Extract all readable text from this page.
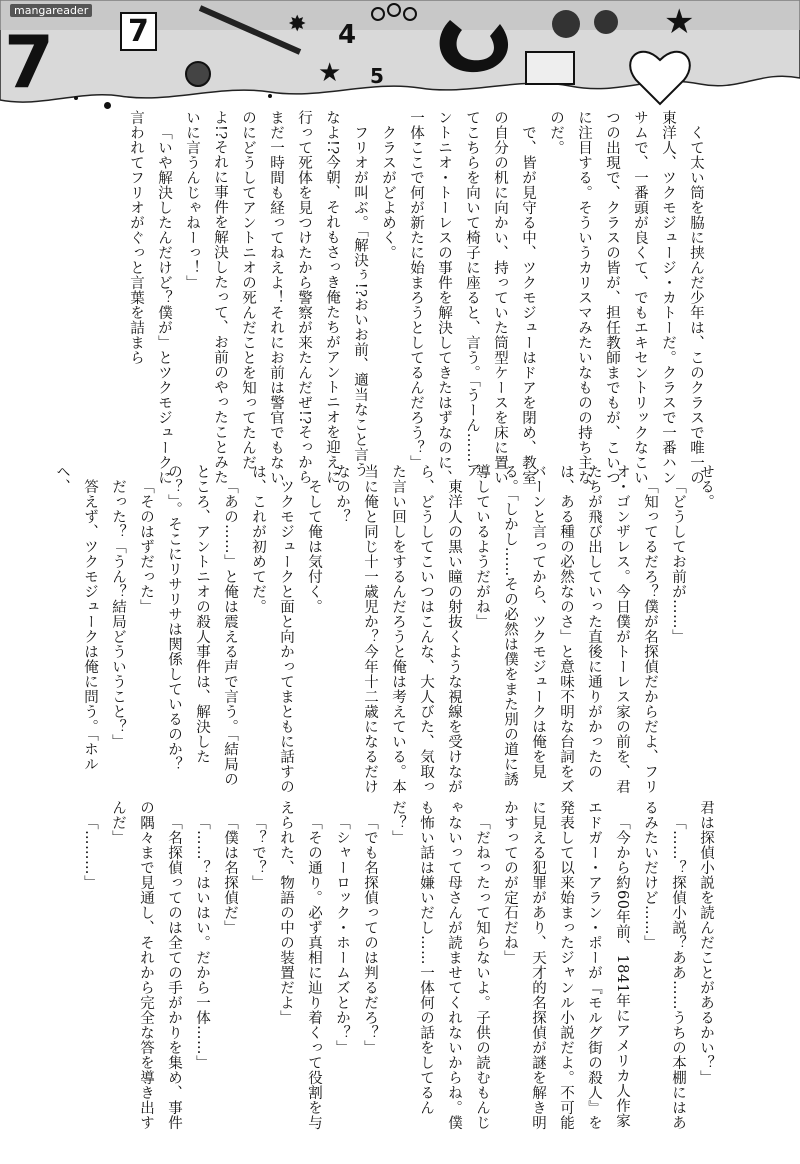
mangareader
7 7	4
5
★
★
✸

くて太い筒を脇に挟んだ少年は、このクラスで唯一の東洋人、ツクモジュージ・カトーだ。クラスで一番ハンサムで、一番頭が良くて、でもエキセントリックなこいつの出現で、クラスの皆が、担任教師までもが、こいつに注目する。そういうカリスマみたいなものの持ち主なのだ。

で、皆が見守る中、ツクモジューはドアを閉め、教室の自分の机に向かい、持っていた筒型ケースを床に置いてこちらを向いて椅子に座ると、言う。「うーん……アントニオ・トーレスの事件を解決してきたはずなのに、一体ここで何が新たに始まろうとしてるんだろう？」

クラスがどよめく。

フリオが叫ぶ。「解決ぅ!?おいお前、適当なこと言うなよ!?今朝、それもさっき俺たちがアントニオを迎えに行って死体を見つけたから警察が来たんだぜ!?そっからまだ一時間も経ってねえよ！それにお前は警官でもないのにどうしてアントニオの死んだことを知ってたんだよ!?それに事件を解決したって、お前のやったことみたいに言うんじゃねーっ！」

「いや解決したんだけど？僕が」とツクモジュークに言われてフリオがぐっと言葉を詰まら

せる。

「どうしてお前が……」

「知ってるだろ？僕が名探偵だからだよ、フリオ・ゴンザレス。今日僕がトーレス家の前を、君たちが飛び出していった直後に通りがかったのは、ある種の必然なのさ」と意味不明な台詞をズバーンと言ってから、ツクモジュークは俺を見る。「しかし……その必然は僕をまた別の道に誘導しているようだがね」

東洋人の黒い瞳の射抜くような視線を受けながら、どうしてこいつはこんな、大人びた、気取った言い回しをするんだろうと俺は考えている。本当に俺と同じ十一歳児か？今年十二歳になるだけなのか？

そして俺は気付く。

ツクモジュークと面と向かってまともに話すのは、これが初めてだ。

「あの……」と俺は震える声で言う。「結局のところ、アントニオの殺人事件は、解決したの？」。そこにリサリサは関係しているのか？

「そのはずだった」

だった？「うん？結局どういうこと？」

答えず、ツクモジュークは俺に問う。「ホルヘ、

君は探偵小説を読んだことがあるかい？」

「……？探偵小説？ああ……うちの本棚にはあるみたいだけど……」

「今から約60年前、1841年にアメリカ人作家エドガー・アラン・ポーが『モルグ街の殺人』を発表して以来始まったジャンル小説だよ。不可能に見える犯罪があり、天才的名探偵が謎を解き明かすってのが定石だね」

「だねったって知らないよ。子供の読むもんじゃないって母さんが読ませてくれないからね。僕も怖い話は嫌いだし……一体何の話をしてるんだ？」

「でも名探偵ってのは判るだろ？」

「シャーロック・ホームズとか？」

「その通り。必ず真相に辿り着くって役割を与えられた、物語の中の装置だよ」

「？で？」

「僕は名探偵だ」

「……？はいはい。だから一体……」

「名探偵ってのは全ての手がかりを集め、事件の隅々まで見通し、それから完全な答を導き出すんだ」

「………」
